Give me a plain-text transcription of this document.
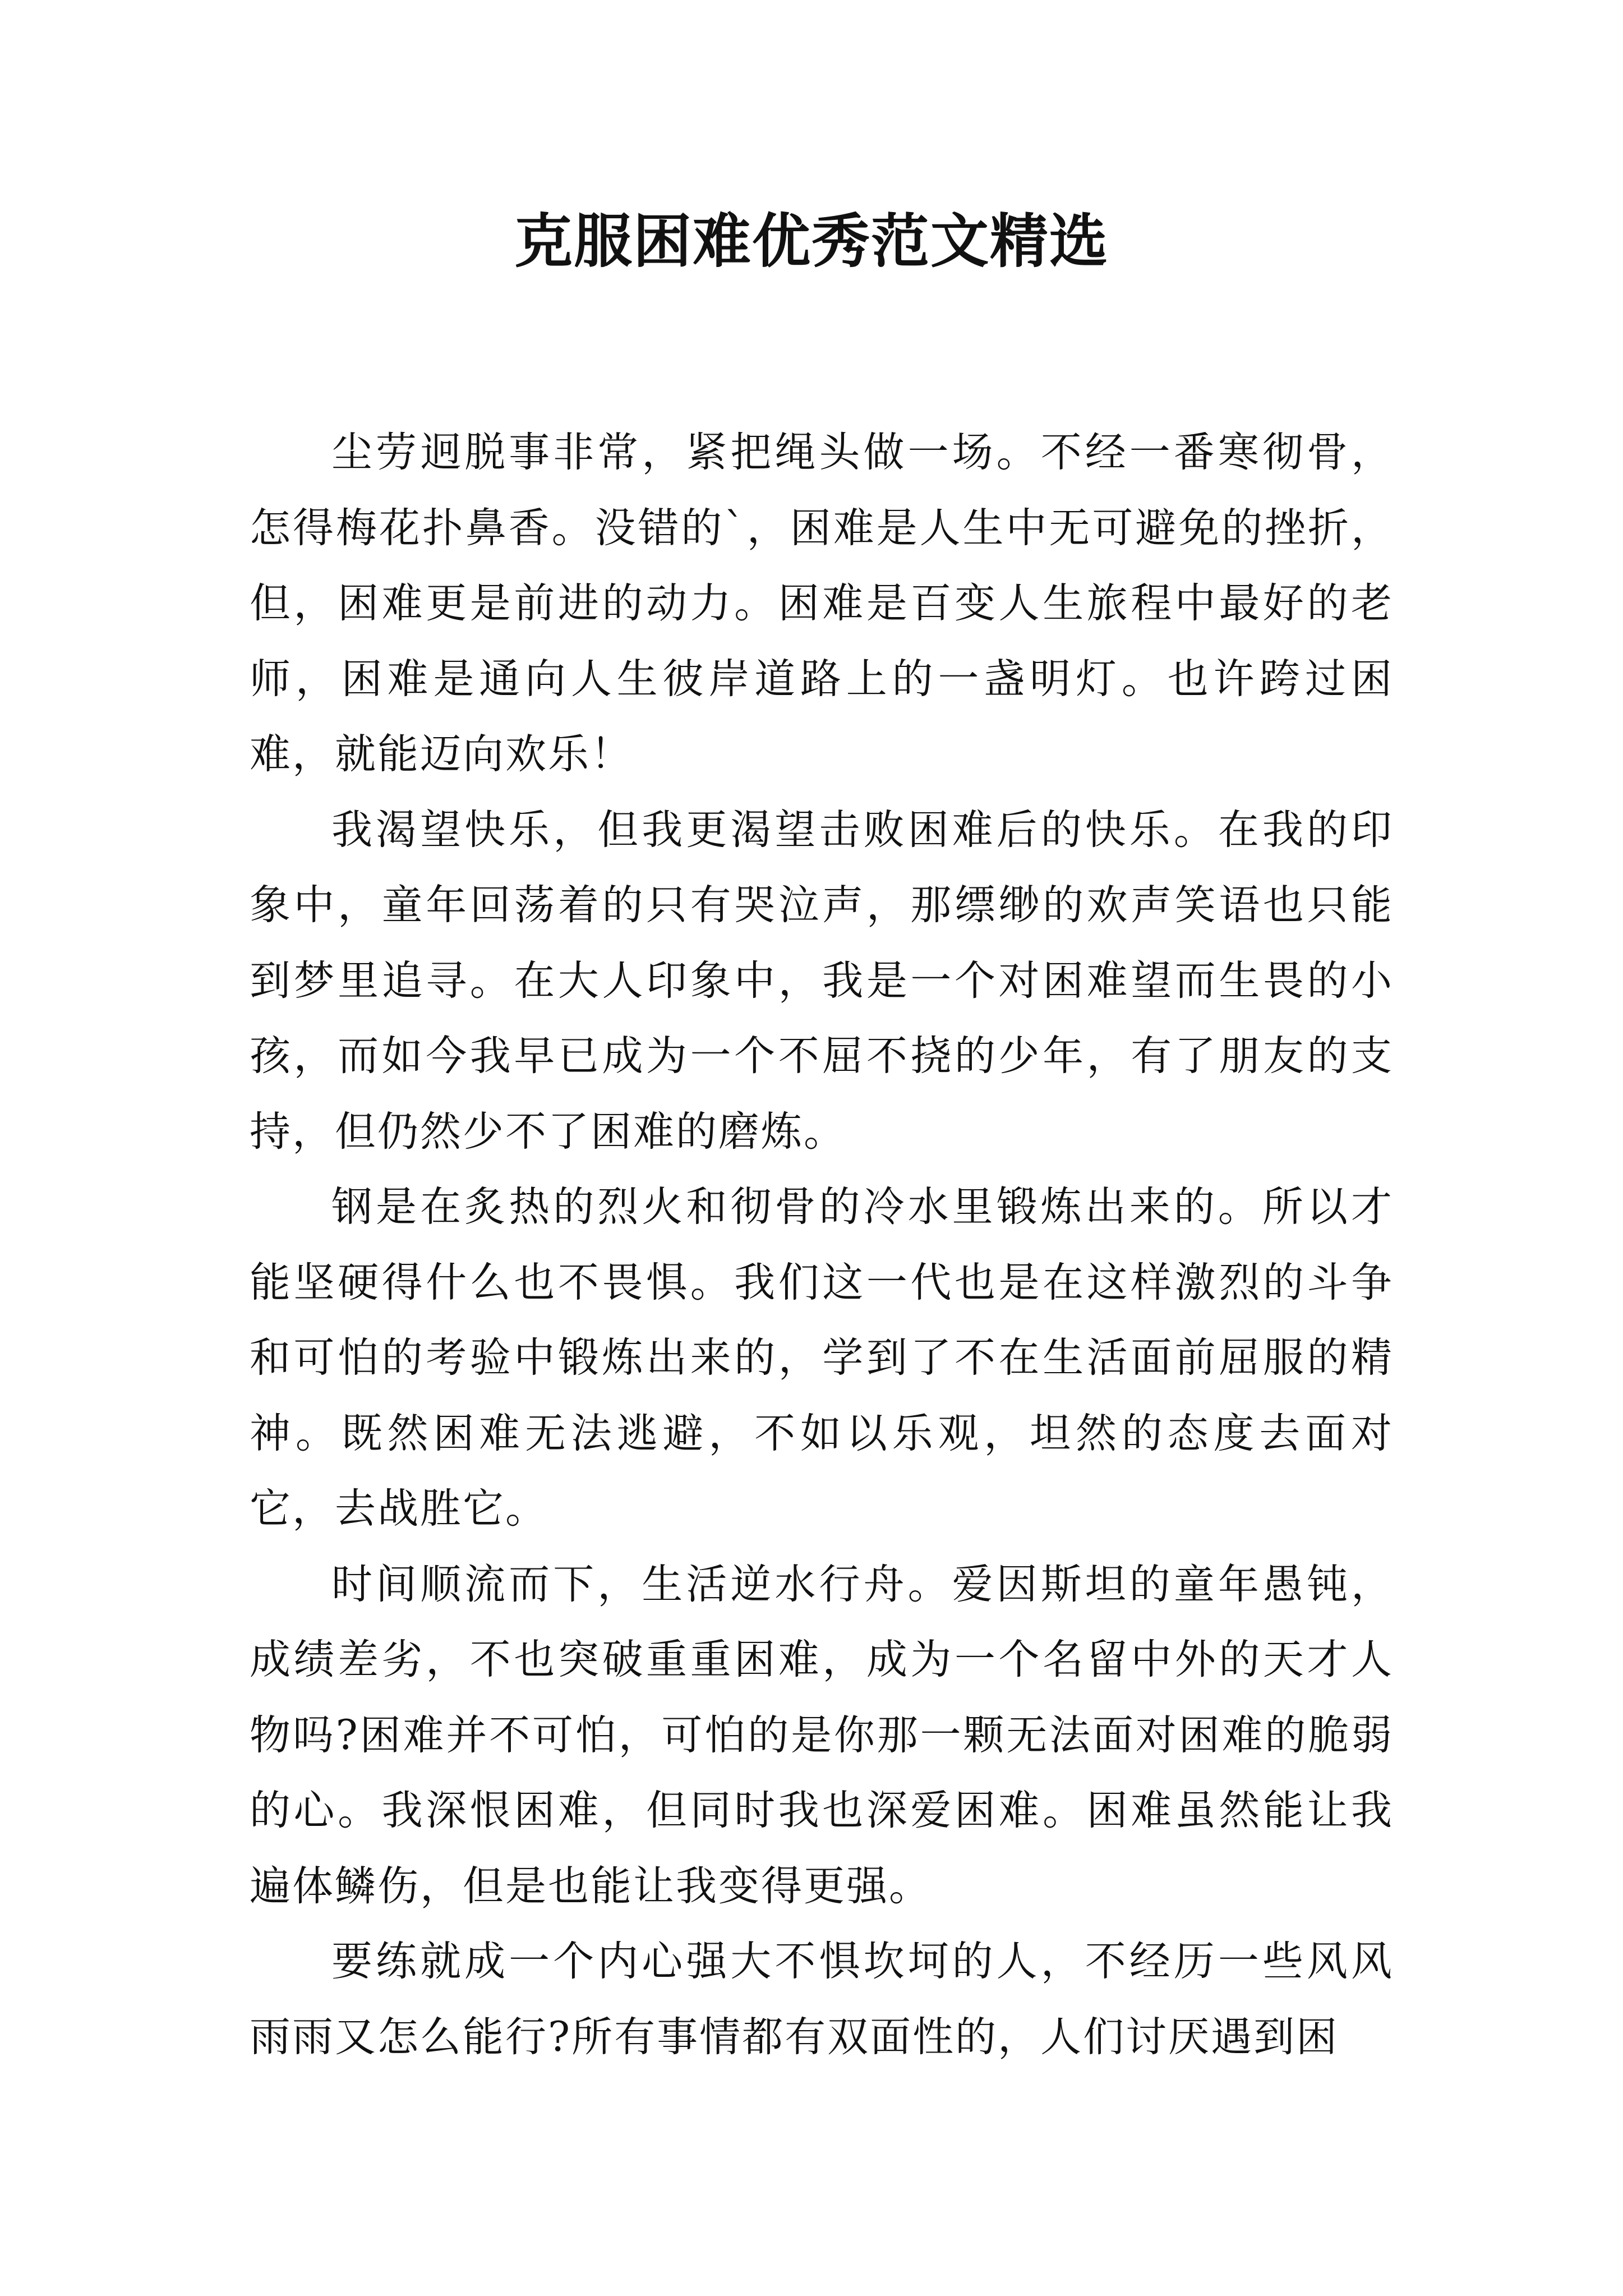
克服困难优秀范文精选

尘劳迥脱事非常，紧把绳头做一场。不经一番寒彻骨，怎得梅花扑鼻香。没错的`，困难是人生中无可避免的挫折，但，困难更是前进的动力。困难是百变人生旅程中最好的老师，困难是通向人生彼岸道路上的一盏明灯。也许跨过困难，就能迈向欢乐！

我渴望快乐，但我更渴望击败困难后的快乐。在我的印象中，童年回荡着的只有哭泣声，那缥缈的欢声笑语也只能到梦里追寻。在大人印象中，我是一个对困难望而生畏的小孩，而如今我早已成为一个不屈不挠的少年，有了朋友的支持，但仍然少不了困难的磨炼。

钢是在炙热的烈火和彻骨的冷水里锻炼出来的。所以才能坚硬得什么也不畏惧。我们这一代也是在这样激烈的斗争和可怕的考验中锻炼出来的，学到了不在生活面前屈服的精神。既然困难无法逃避，不如以乐观，坦然的态度去面对它，去战胜它。

时间顺流而下，生活逆水行舟。爱因斯坦的童年愚钝，成绩差劣，不也突破重重困难，成为一个名留中外的天才人物吗?困难并不可怕，可怕的是你那一颗无法面对困难的脆弱的心。我深恨困难，但同时我也深爱困难。困难虽然能让我遍体鳞伤，但是也能让我变得更强。

要练就成一个内心强大不惧坎坷的人，不经历一些风风雨雨又怎么能行?所有事情都有双面性的，人们讨厌遇到困
